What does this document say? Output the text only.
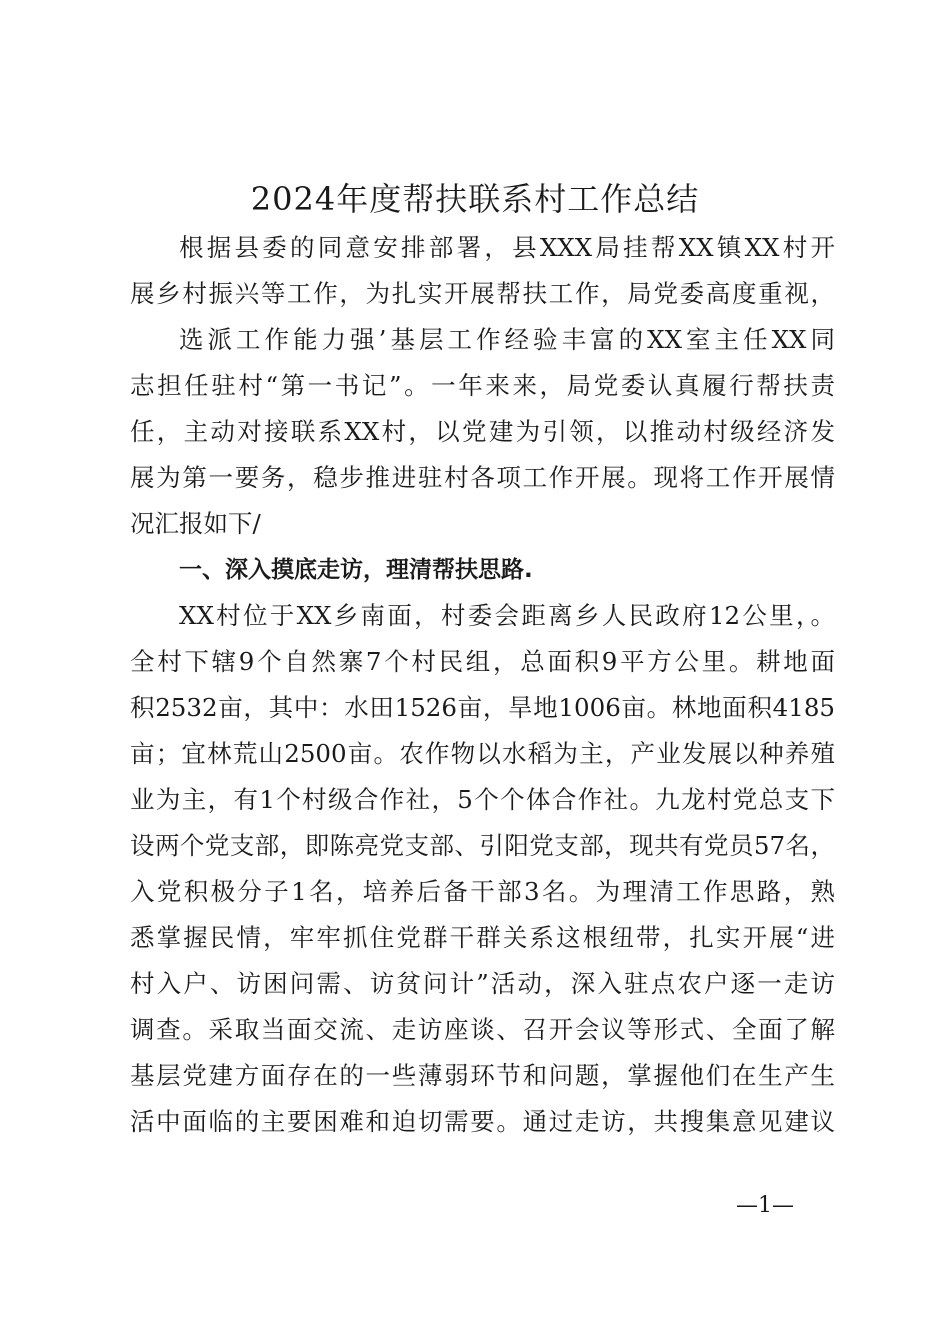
2024年度帮扶联系村工作总结

根据县委的同意安排部署，县XXX局挂帮XX镇XX村开

展乡村振兴等工作，为扎实开展帮扶工作，局党委高度重视，

选派工作能力强’基层工作经验丰富的XX室主任XX同

志担任驻村“第一书记”。一年来来，局党委认真履行帮扶责

任，主动对接联系XX村，以党建为引领，以推动村级经济发

展为第一要务，稳步推进驻村各项工作开展。现将工作开展情

况汇报如下/

一、深入摸底走访，理清帮扶思路.

XX村位于XX乡南面，村委会距离乡人民政府12公里，。

全村下辖9个自然寨7个村民组，总面积9平方公里。耕地面

积2532亩，其中：水田1526亩，旱地1006亩。林地面积4185

亩；宜林荒山2500亩。农作物以水稻为主，产业发展以种养殖

业为主，有1个村级合作社，5个个体合作社。九龙村党总支下

设两个党支部，即陈亮党支部、引阳党支部，现共有党员57名，

入党积极分子1名，培养后备干部3名。为理清工作思路，熟

悉掌握民情，牢牢抓住党群干群关系这根纽带，扎实开展“进

村入户、访困问需、访贫问计”活动，深入驻点农户逐一走访

调查。采取当面交流、走访座谈、召开会议等形式、全面了解

基层党建方面存在的一些薄弱环节和问题，掌握他们在生产生

活中面临的主要困难和迫切需要。通过走访，共搜集意见建议

—1—
